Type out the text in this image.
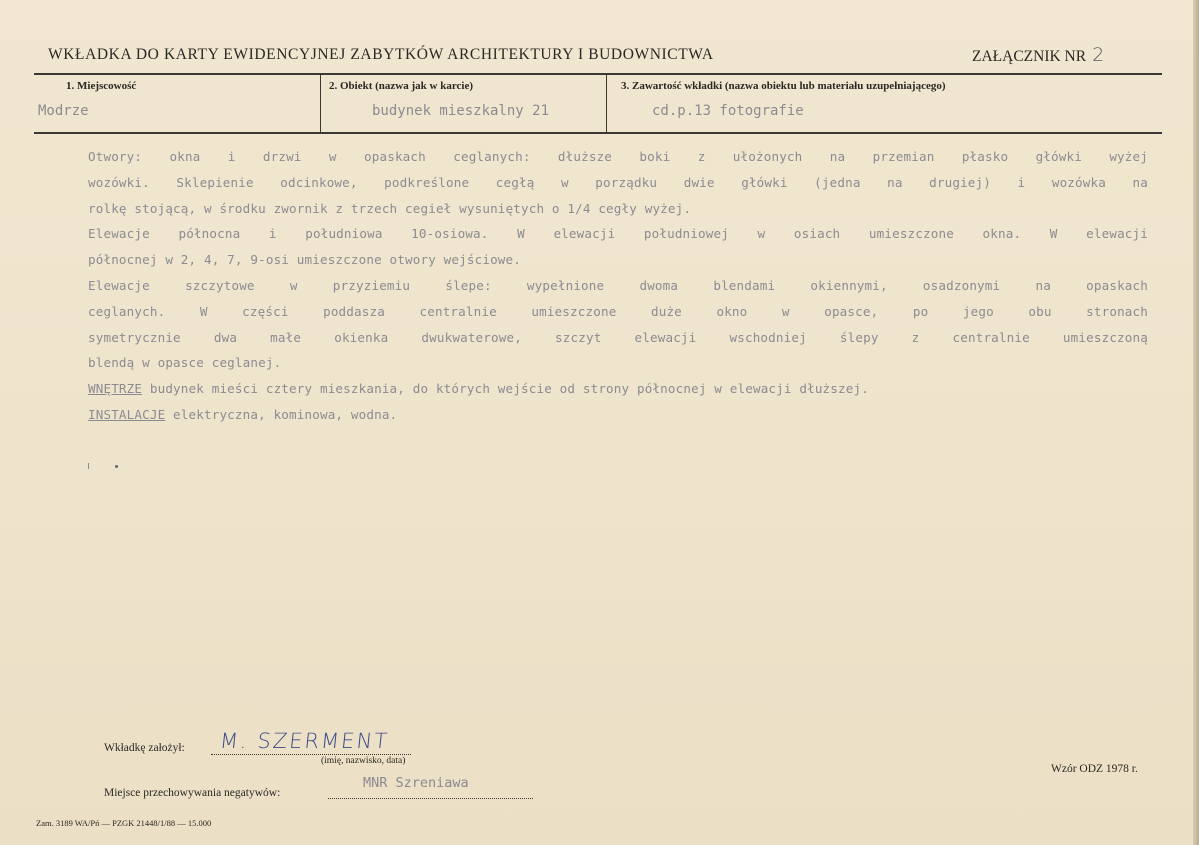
WKŁADKA DO KARTY EWIDENCYJNEJ ZABYTKÓW ARCHITEKTURY I BUDOWNICTWA	ZAŁĄCZNIK NR 2
1. Miejscowość	2. Obiekt (nazwa jak w karcie)	3. Zawartość wkładki (nazwa obiektu lub materiału uzupełniającego)
Modrze	budynek mieszkalny 21	cd.p.13 fotografie
Otwory: okna i drzwi w opaskach ceglanych: dłuższe boki z ułożonych na przemian płasko główki wyżej
wozówki. Sklepienie odcinkowe, podkreślone cegłą w porządku dwie główki (jedna na drugiej) i wozówka na
rolkę stojącą, w środku zwornik z trzech cegieł wysuniętych o 1/4 cegły wyżej.
Elewacje północna i południowa 10-osiowa. W elewacji południowej w osiach umieszczone okna. W elewacji
północnej w 2, 4, 7, 9-osi umieszczone otwory wejściowe.
Elewacje szczytowe w przyziemiu ślepe: wypełnione dwoma blendami okiennymi, osadzonymi na opaskach
ceglanych. W części poddasza centralnie umieszczone duże okno w opasce, po jego obu stronach
symetrycznie dwa małe okienka dwukwaterowe, szczyt elewacji wschodniej ślepy z centralnie umieszczoną
blendą w opasce ceglanej.
WNĘTRZE budynek mieści cztery mieszkania, do których wejście od strony północnej w elewacji dłuższej.
INSTALACJE elektryczna, kominowa, wodna.
Wkładkę założył: M. SZERMENT
(imię, nazwisko, data)
Wzór ODZ 1978 r.
Miejsce przechowywania negatywów:
MNR Szreniawa
Zam. 3189 WA/Pń — PZGK 21448/1/88 — 15.000
